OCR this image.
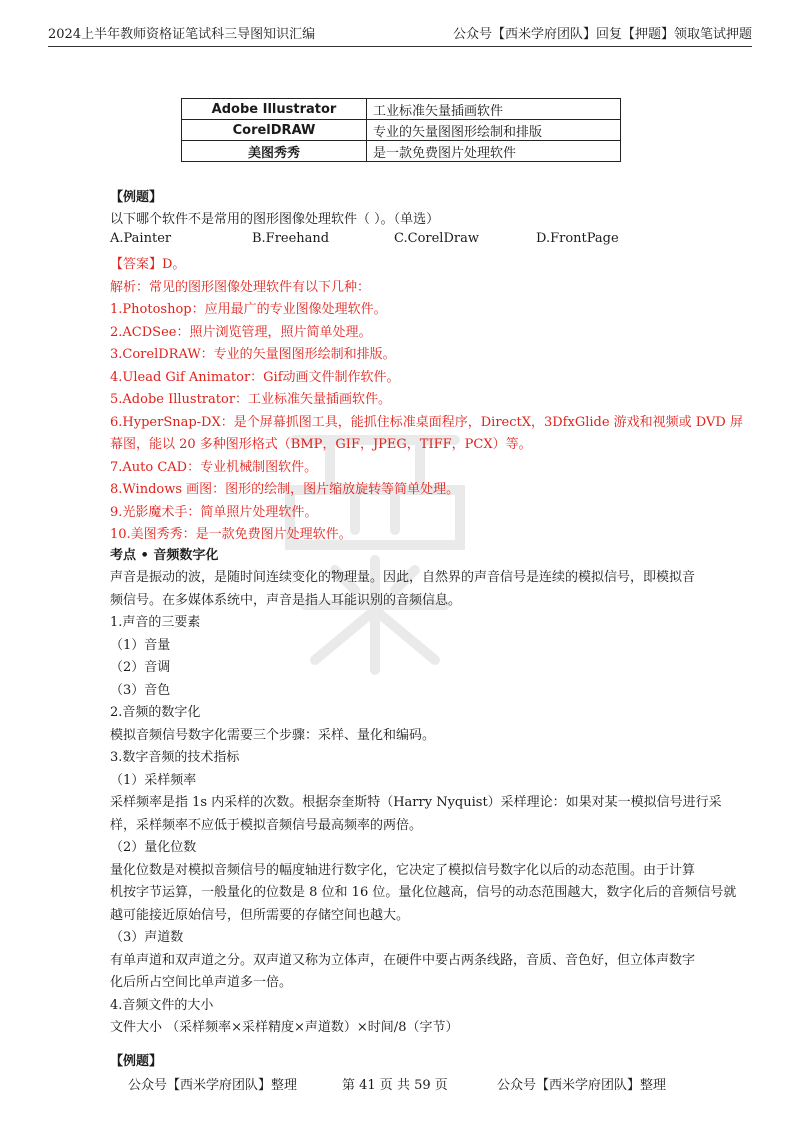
2024上半年教师资格证笔试科三导图知识汇编	公众号【西米学府团队】回复【押题】领取笔试押题
Adobe Illustrator	工业标准矢量插画软件
CorelDRAW	专业的矢量图图形绘制和排版
美图秀秀	是一款免费图片处理软件
【例题】
以下哪个软件不是常用的图形图像处理软件（ ）。（单选）
A.Painter	B.Freehand	C.CorelDraw	D.FrontPage
【答案】D。
解析：常见的图形图像处理软件有以下几种：
1.Photoshop：应用最广的专业图像处理软件。
2.ACDSee：照片浏览管理，照片简单处理。
3.CorelDRAW：专业的矢量图图形绘制和排版。
4.Ulead Gif Animator：Gif动画文件制作软件。
5.Adobe Illustrator：工业标准矢量插画软件。
6.HyperSnap-DX：是个屏幕抓图工具，能抓住标准桌面程序，DirectX，3DfxGlide 游戏和视频或 DVD 屏
幕图，能以 20 多种图形格式（BMP，GIF，JPEG，TIFF，PCX）等。
7.Auto CAD：专业机械制图软件。
8.Windows 画图：图形的绘制，图片缩放旋转等简单处理。
9.光影魔术手：简单照片处理软件。
10.美图秀秀：是一款免费图片处理软件。
考点 • 音频数字化
声音是振动的波，是随时间连续变化的物理量。因此，自然界的声音信号是连续的模拟信号，即模拟音
频信号。在多媒体系统中，声音是指人耳能识别的音频信息。
1.声音的三要素
（1）音量
（2）音调
（3）音色
2.音频的数字化
模拟音频信号数字化需要三个步骤：采样、量化和编码。
3.数字音频的技术指标
（1）采样频率
采样频率是指 1s 内采样的次数。根据奈奎斯特（Harry Nyquist）采样理论：如果对某一模拟信号进行采
样，采样频率不应低于模拟音频信号最高频率的两倍。
（2）量化位数
量化位数是对模拟音频信号的幅度轴进行数字化，它决定了模拟信号数字化以后的动态范围。由于计算
机按字节运算，一般量化的位数是 8 位和 16 位。量化位越高，信号的动态范围越大，数字化后的音频信号就
越可能接近原始信号，但所需要的存储空间也越大。
（3）声道数
有单声道和双声道之分。双声道又称为立体声，在硬件中要占两条线路，音质、音色好，但立体声数字
化后所占空间比单声道多一倍。
4.音频文件的大小
文件大小 （采样频率×采样精度×声道数）×时间/8（字节）
【例题】
公众号【西米学府团队】整理	第 41 页 共 59 页	公众号【西米学府团队】整理
